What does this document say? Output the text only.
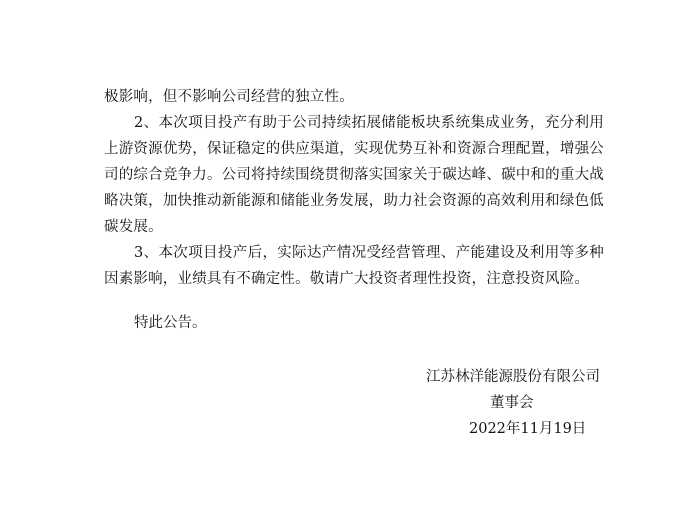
极影响，但不影响公司经营的独立性。

2、本次项目投产有助于公司持续拓展储能板块系统集成业务，充分利用上游资源优势，保证稳定的供应渠道，实现优势互补和资源合理配置，增强公司的综合竞争力。公司将持续围绕贯彻落实国家关于碳达峰、碳中和的重大战略决策，加快推动新能源和储能业务发展，助力社会资源的高效利用和绿色低碳发展。

3、本次项目投产后，实际达产情况受经营管理、产能建设及利用等多种因素影响，业绩具有不确定性。敬请广大投资者理性投资，注意投资风险。

特此公告。
江苏林洋能源股份有限公司
董事会
2022年11月19日
